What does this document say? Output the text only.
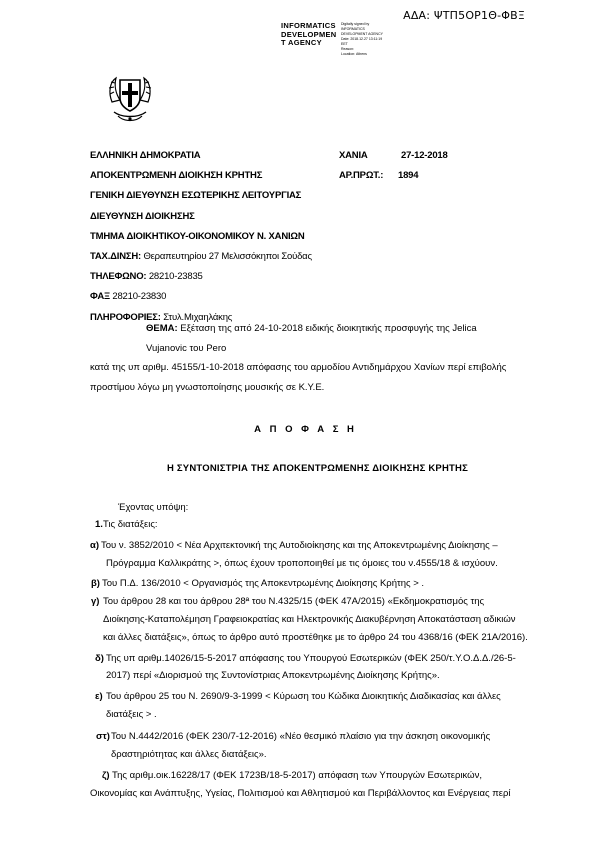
ΑΔΑ: ΨΤΠ5ΟΡ1Θ-ΦΒΞ
INFORMATICS
DEVELOPMEN
T AGENCY
Digitally signed by
INFORMATICS
DEVELOPMENT AGENCY
Date: 2018.12.27 13:11:19
EET
Reason:
Location: Athens
ΕΛΛΗΝΙΚΗ ΔΗΜΟΚΡΑΤΙΑ
ΑΠΟΚΕΝΤΡΩΜΕΝΗ ΔΙΟΙΚΗΣΗ ΚΡΗΤΗΣ
ΓΕΝΙΚΗ ΔΙΕΥΘΥΝΣΗ ΕΣΩΤΕΡΙΚΗΣ ΛΕΙΤΟΥΡΓΙΑΣ
ΔΙΕΥΘΥΝΣΗ ΔΙΟΙΚΗΣΗΣ
ΤΜΗΜΑ ΔΙΟΙΚΗΤΙΚΟΥ-ΟΙΚΟΝΟΜΙΚΟΥ Ν. ΧΑΝΙΩΝ
ΤΑΧ.ΔΙΝΣΗ: Θεραπευτηρίου 27 Μελισσόκηποι Σούδας
ΤΗΛΕΦΩΝΟ: 28210-23835
ΦΑΞ 28210-23830
ΠΛΗΡΟΦΟΡΙΕΣ: Στυλ.Μιχαηλάκης
ΧΑΝΙΑ	27-12-2018
ΑΡ.ΠΡΩΤ.: 1894
ΘΕΜΑ: Εξέταση της από 24-10-2018 ειδικής διοικητικής προσφυγής της Jelica Vujanovic του Pero
κατά της υπ αριθμ. 45155/1-10-2018 απόφασης του αρμοδίου Αντιδημάρχου Χανίων περί επιβολής
προστίμου λόγω μη γνωστοποίησης μουσικής σε Κ.Υ.Ε.
Α Π Ο Φ Α Σ Η
Η ΣΥΝΤΟΝΙΣΤΡΙΑ ΤΗΣ ΑΠΟΚΕΝΤΡΩΜΕΝΗΣ ΔΙΟΙΚΗΣΗΣ ΚΡΗΤΗΣ
Έχοντας υπόψη:
1.Τις διατάξεις:
α) Του ν. 3852/2010 < Νέα Αρχιτεκτονική της Αυτοδιοίκησης και της Αποκεντρωμένης Διοίκησης –
Πρόγραμμα Καλλικράτης >, όπως έχουν τροποποιηθεί με τις όμοιες του ν.4555/18 & ισχύουν.
β) Του Π.Δ. 136/2010 < Οργανισμός της Αποκεντρωμένης Διοίκησης Κρήτης > .
γ) Του άρθρου 28 και του άρθρου 28ª του Ν.4325/15 (ΦΕΚ 47Α/2015) «Εκδημοκρατισμός της
Διοίκησης-Καταπολέμηση Γραφειοκρατίας και Ηλεκτρονικής Διακυβέρνηση Αποκατάσταση αδικιών
και άλλες διατάξεις», όπως το άρθρο αυτό προστέθηκε με το άρθρο 24 του 4368/16 (ΦΕΚ 21Α/2016).
δ) Της υπ αριθμ.14026/15-5-2017 απόφασης του Υπουργού Εσωτερικών (ΦΕΚ 250/τ.Υ.Ο.Δ.Δ./26-5-
2017) περί «Διορισμού της Συντονίστριας Αποκεντρωμένης Διοίκησης Κρήτης».
ε) Του άρθρου 25 του Ν. 2690/9-3-1999 < Κύρωση του Κώδικα Διοικητικής Διαδικασίας και άλλες
διατάξεις > .
στ) Του Ν.4442/2016 (ΦΕΚ 230/7-12-2016) «Νέο θεσμικό πλαίσιο για την άσκηση οικονομικής
δραστηριότητας και άλλες διατάξεις».
ζ) Της αριθμ.οικ.16228/17 (ΦΕΚ 1723Β/18-5-2017) απόφαση των Υπουργών Εσωτερικών,
Οικονομίας και Ανάπτυξης, Υγείας, Πολιτισμού και Αθλητισμού και Περιβάλλοντος και Ενέργειας περί
